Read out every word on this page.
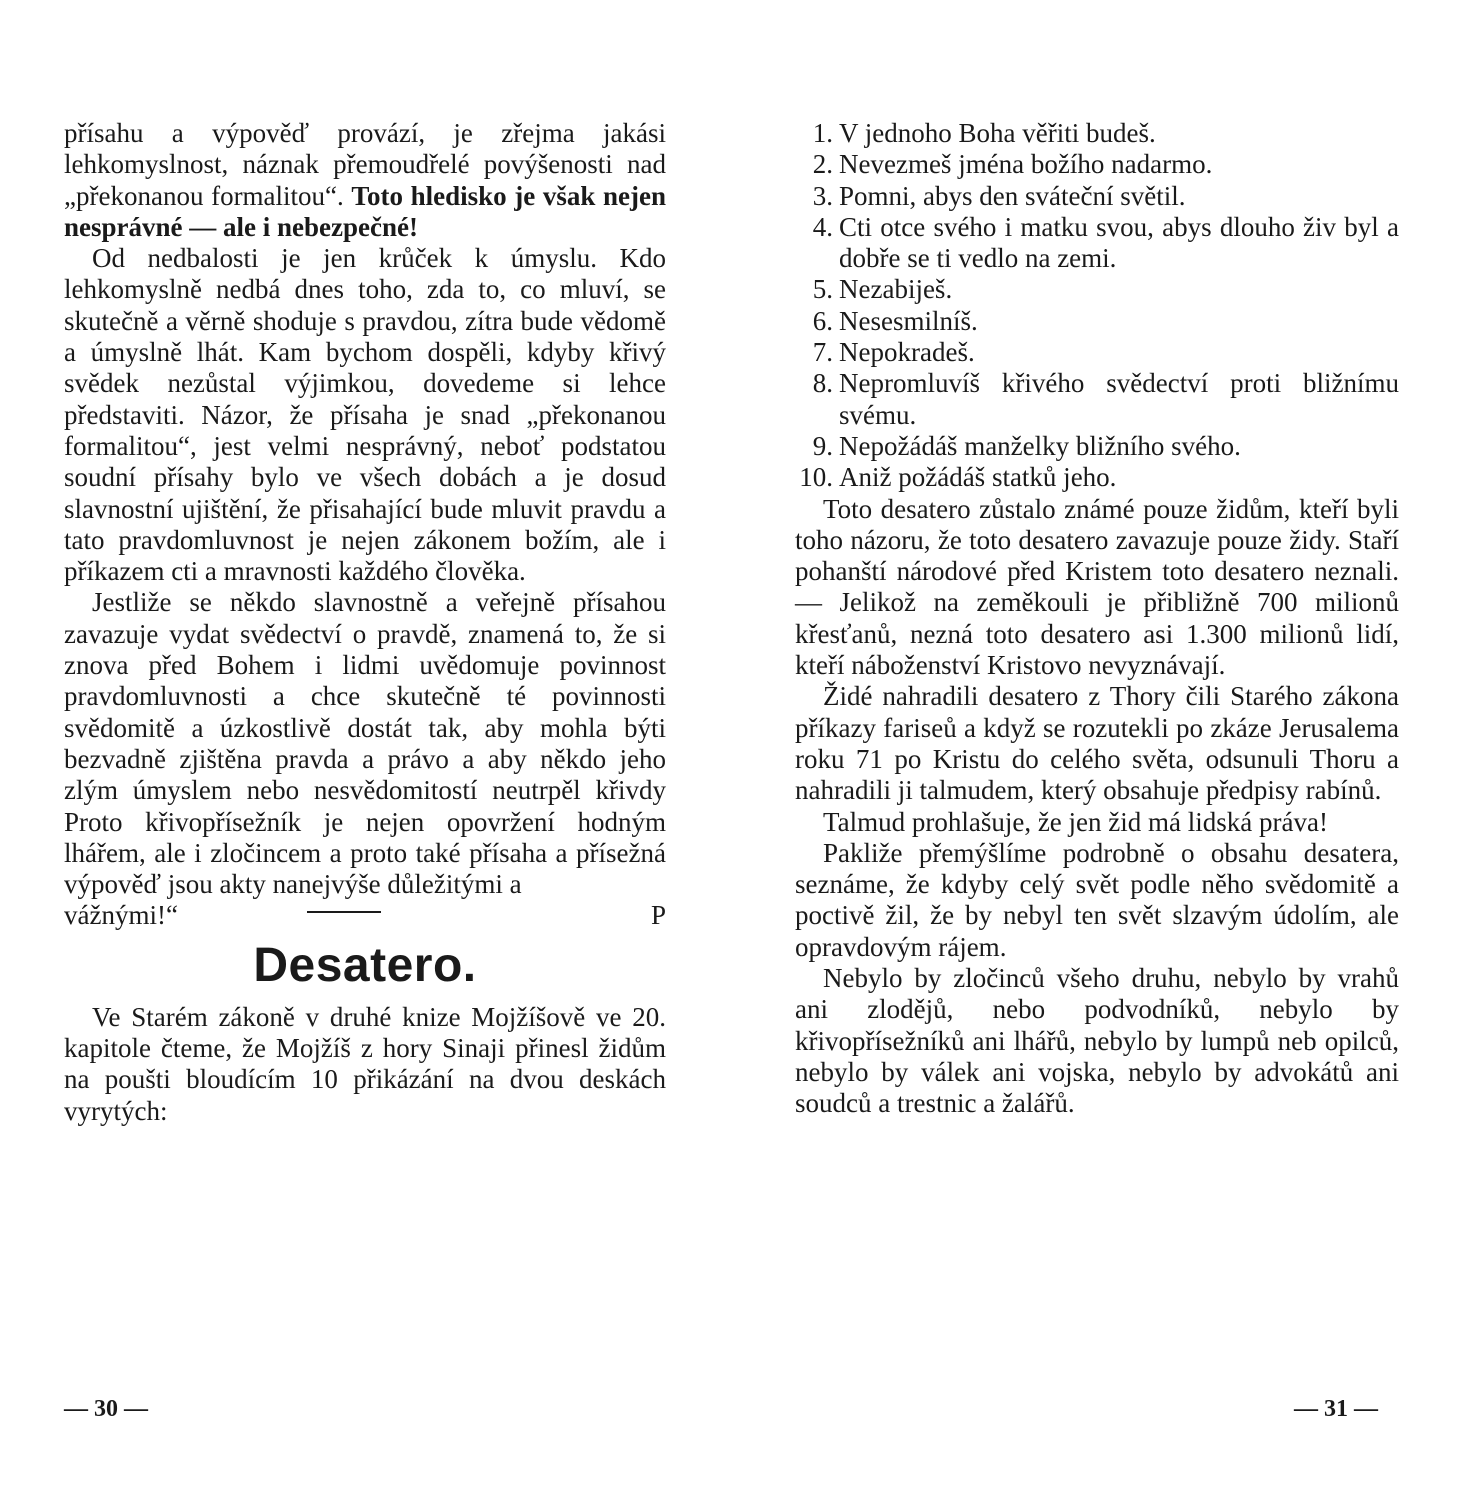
přísahu a výpověď provází, je zřejma jakási lehkomyslnost, náznak přemoudřelé povýšenosti nad „překonanou formalitou“. Toto hledisko je však nejen nesprávné — ale i nebezpečné!

Od nedbalosti je jen krůček k úmyslu. Kdo lehkomyslně nedbá dnes toho, zda to, co mluví, se skutečně a věrně shoduje s pravdou, zítra bude vědomě a úmyslně lhát. Kam bychom dospěli, kdyby křivý svědek nezůstal výjimkou, dovedeme si lehce představiti. Názor, že přísaha je snad „překonanou formalitou“, jest velmi nesprávný, neboť podstatou soudní přísahy bylo ve všech dobách a je dosud slavnostní ujištění, že přisahající bude mluvit pravdu a tato pravdomluvnost je nejen zákonem božím, ale i příkazem cti a mravnosti každého člověka.

Jestliže se někdo slavnostně a veřejně přísahou zavazuje vydat svědectví o pravdě, znamená to, že si znova před Bohem i lidmi uvědomuje povinnost pravdomluvnosti a chce skutečně té povinnosti svědomitě a úzkostlivě dostát tak, aby mohla býti bezvadně zjištěna pravda a právo a aby někdo jeho zlým úmyslem nebo nesvědomitostí neutrpěl křivdy Proto křivopřísežník je nejen opovržení hodným lhářem, ale i zločincem a proto také přísaha a přísežná výpověď jsou akty nanejvýše důležitými a

vážnými!“	P
Desatero.

Ve Starém zákoně v druhé knize Mojžíšově ve 20. kapitole čteme, že Mojžíš z hory Sinaji přinesl židům na poušti bloudícím 10 přikázání na dvou deskách vyrytých:

— 30 —
1. V jednoho Boha věřiti budeš.
2. Nevezmeš jména božího nadarmo.
3. Pomni, abys den sváteční světil.
4. Cti otce svého i matku svou, abys dlouho živ byl a dobře se ti vedlo na zemi.
5. Nezabiješ.
6. Nesesmilníš.
7. Nepokradeš.
8. Nepromluvíš křivého svědectví proti bližnímu svému.
9. Nepožádáš manželky bližního svého.
10. Aniž požádáš statků jeho.

Toto desatero zůstalo známé pouze židům, kteří byli toho názoru, že toto desatero zavazuje pouze židy. Staří pohanští národové před Kristem toto desatero neznali. — Jelikož na zeměkouli je přibližně 700 milionů křesťanů, nezná toto desatero asi 1.300 milionů lidí, kteří náboženství Kristovo nevyznávají.

Židé nahradili desatero z Thory čili Starého zákona příkazy fariseů a když se rozutekli po zkáze Jerusalema roku 71 po Kristu do celého světa, odsunuli Thoru a nahradili ji talmudem, který obsahuje předpisy rabínů.

Talmud prohlašuje, že jen žid má lidská práva!

Pakliže přemýšlíme podrobně o obsahu desatera, seznáme, že kdyby celý svět podle něho svědomitě a poctivě žil, že by nebyl ten svět slzavým údolím, ale opravdovým rájem.

Nebylo by zločinců všeho druhu, nebylo by vrahů ani zlodějů, nebo podvodníků, nebylo by křivopřísežníků ani lhářů, nebylo by lumpů neb opilců, nebylo by válek ani vojska, nebylo by advokátů ani soudců a trestnic a žalářů.

— 31 —
